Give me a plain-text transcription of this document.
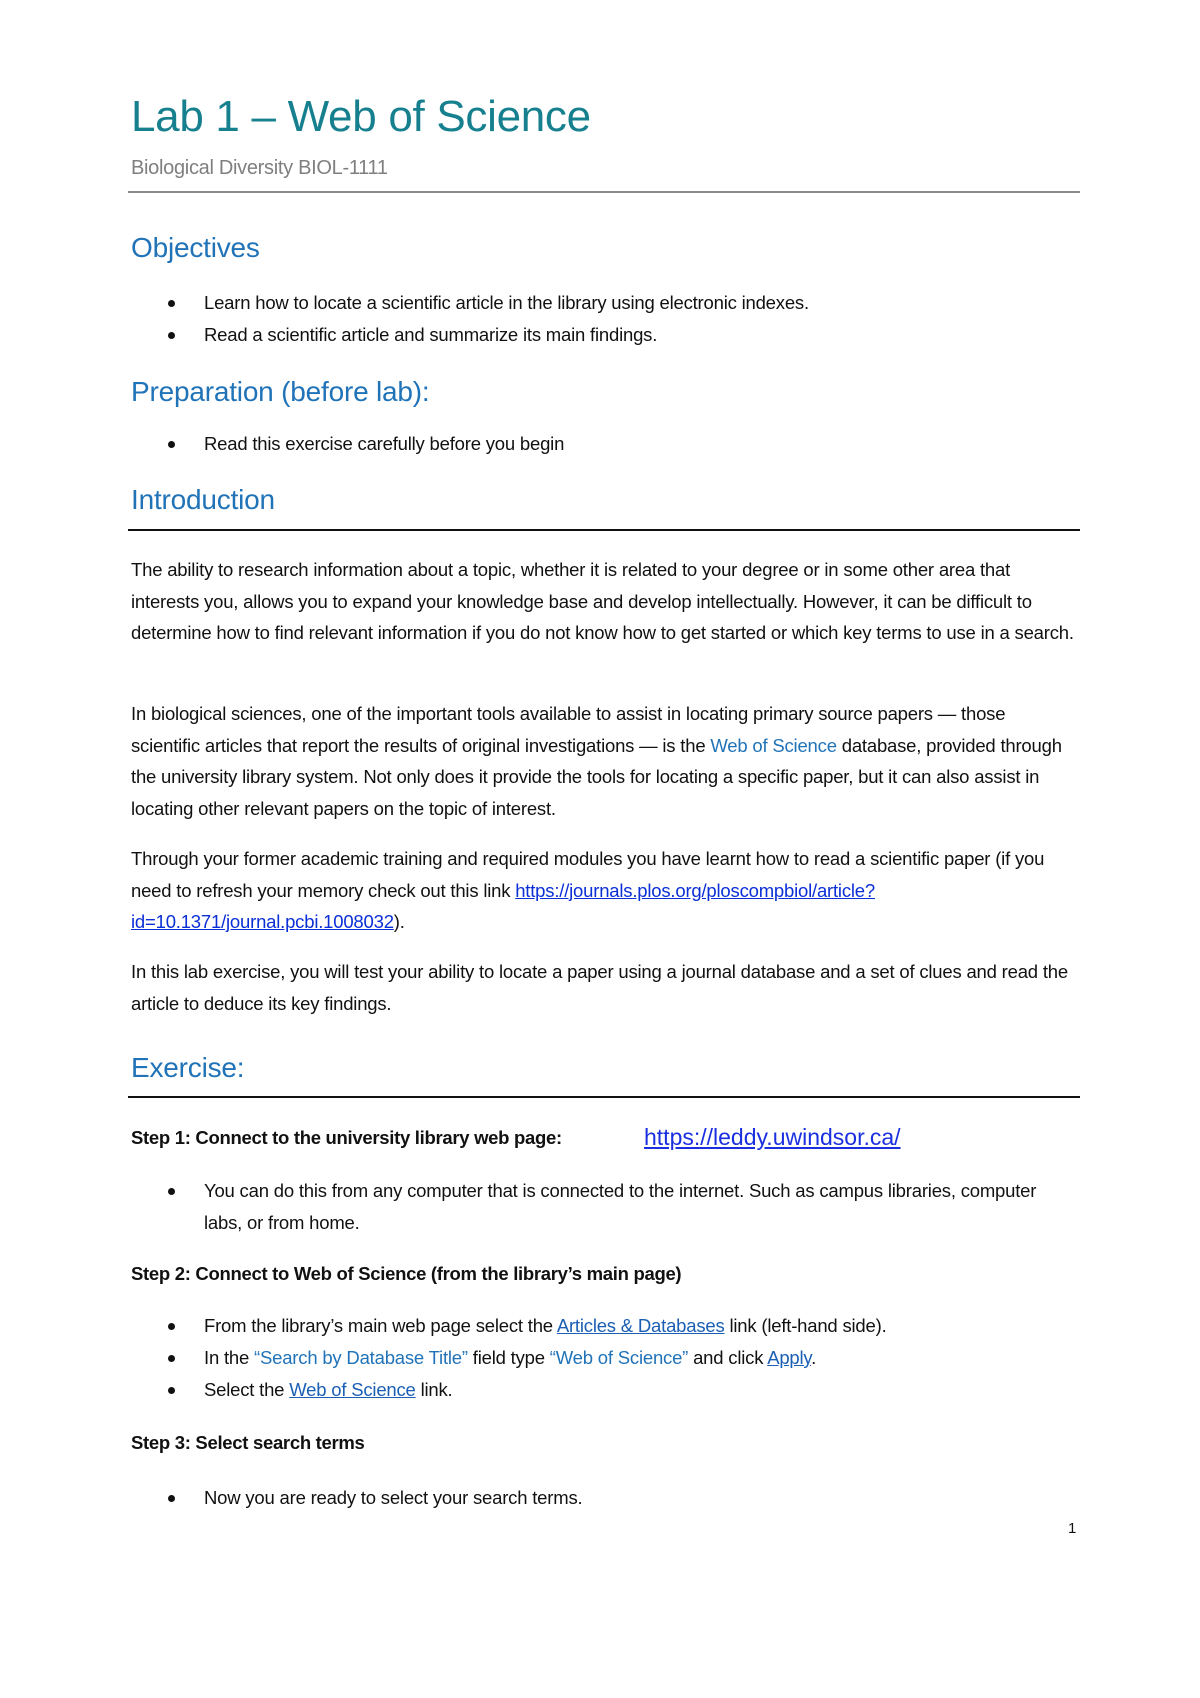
Lab 1 – Web of Science
Biological Diversity BIOL-1111
Objectives
Learn how to locate a scientific article in the library using electronic indexes.
Read a scientific article and summarize its main findings.
Preparation (before lab):
Read this exercise carefully before you begin
Introduction

The ability to research information about a topic, whether it is related to your degree or in some other area that interests you, allows you to expand your knowledge base and develop intellectually. However, it can be difficult to determine how to find relevant information if you do not know how to get started or which key terms to use in a search.

In biological sciences, one of the important tools available to assist in locating primary source papers — those scientific articles that report the results of original investigations — is the Web of Science database, provided through the university library system. Not only does it provide the tools for locating a specific paper, but it can also assist in locating other relevant papers on the topic of interest.

Through your former academic training and required modules you have learnt how to read a scientific paper (if you need to refresh your memory check out this link https://journals.plos.org/ploscompbiol/article?id=10.1371/journal.pcbi.1008032).

In this lab exercise, you will test your ability to locate a paper using a journal database and a set of clues and read the article to deduce its key findings.

Exercise:
Step 1: Connect to the university library web page:	https://leddy.uwindsor.ca/
You can do this from any computer that is connected to the internet. Such as campus libraries, computer labs, or from home.
Step 2: Connect to Web of Science (from the library’s main page)
From the library’s main web page select the Articles & Databases link (left-hand side).
In the “Search by Database Title” field type “Web of Science” and click Apply.
Select the Web of Science link.
Step 3: Select search terms
Now you are ready to select your search terms.
1
